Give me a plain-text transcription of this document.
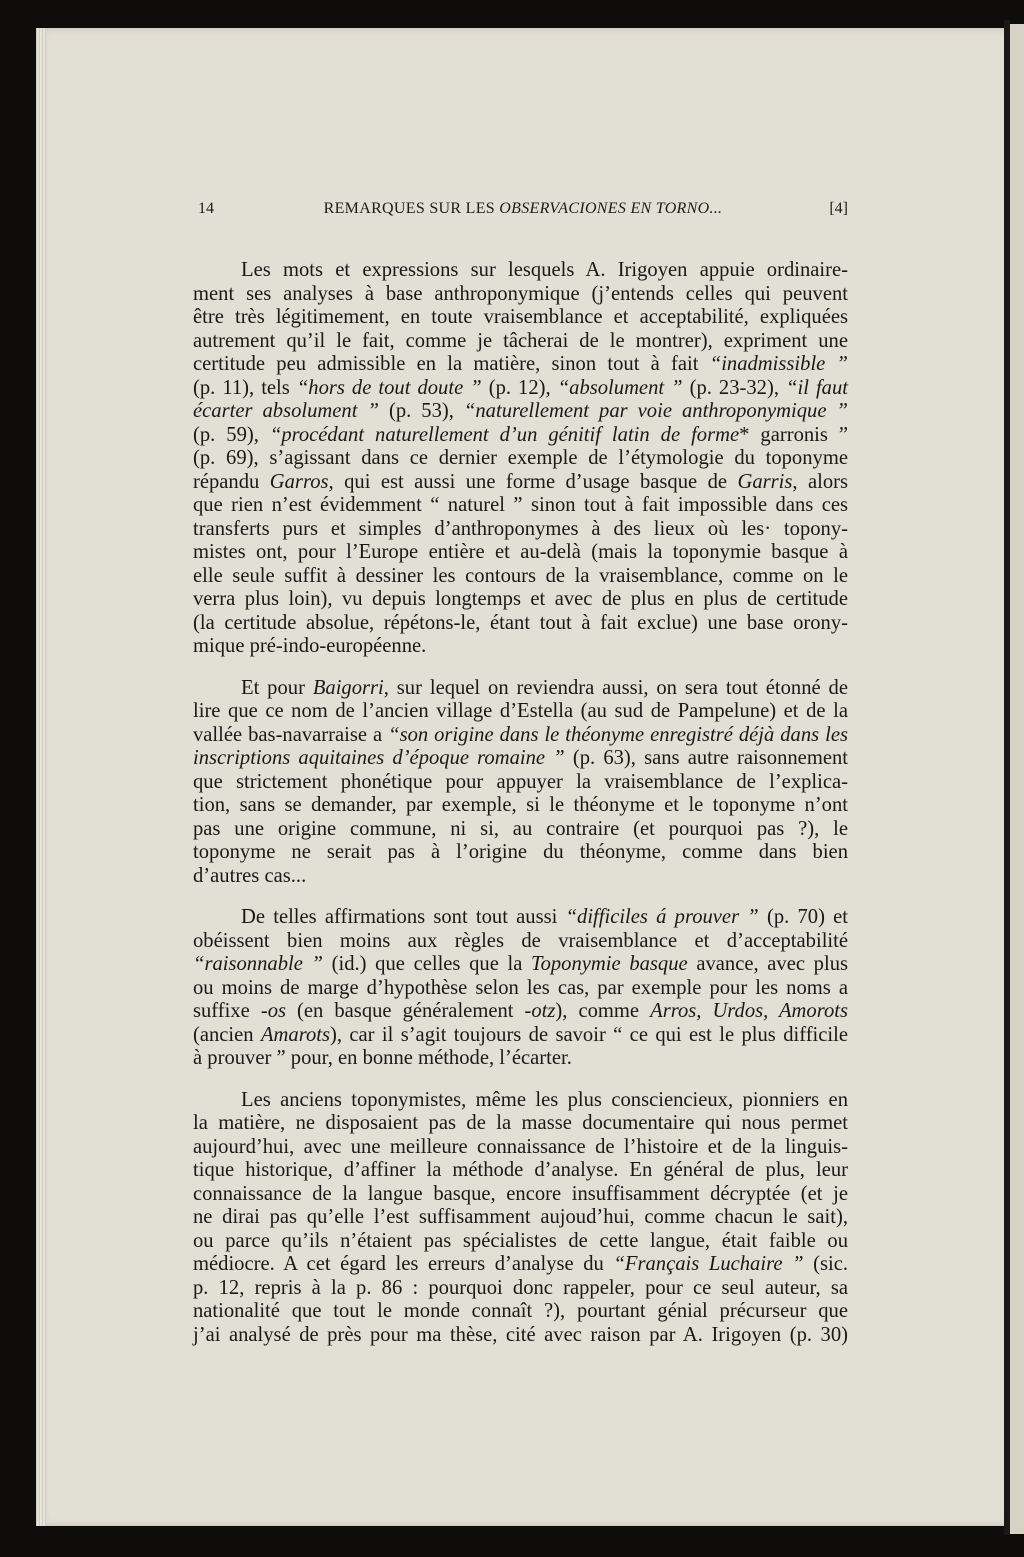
14	REMARQUES SUR LES OBSERVACIONES EN TORNO...	[4]
Les mots et expressions sur lesquels A. Irigoyen appuie ordinaire-
ment ses analyses à base anthroponymique (j’entends celles qui peuvent
être très légitimement, en toute vraisemblance et acceptabilité, expliquées
autrement qu’il le fait, comme je tâcherai de le montrer), expriment une
certitude peu admissible en la matière, sinon tout à fait “inadmissible ”
(p. 11), tels “hors de tout doute ” (p. 12), “absolument ” (p. 23-32), “il faut
écarter absolument ” (p. 53), “naturellement par voie anthroponymique ”
(p. 59), “procédant naturellement d’un génitif latin de forme* garronis ”
(p. 69), s’agissant dans ce dernier exemple de l’étymologie du toponyme
répandu Garros, qui est aussi une forme d’usage basque de Garris, alors
que rien n’est évidemment “ naturel ” sinon tout à fait impossible dans ces
transferts purs et simples d’anthroponymes à des lieux où les· topony-
mistes ont, pour l’Europe entière et au-delà (mais la toponymie basque à
elle seule suffit à dessiner les contours de la vraisemblance, comme on le
verra plus loin), vu depuis longtemps et avec de plus en plus de certitude
(la certitude absolue, répétons-le, étant tout à fait exclue) une base orony-
mique pré-indo-européenne.
Et pour Baigorri, sur lequel on reviendra aussi, on sera tout étonné de
lire que ce nom de l’ancien village d’Estella (au sud de Pampelune) et de la
vallée bas-navarraise a “son origine dans le théonyme enregistré déjà dans les
inscriptions aquitaines d’époque romaine ” (p. 63), sans autre raisonnement
que strictement phonétique pour appuyer la vraisemblance de l’explica-
tion, sans se demander, par exemple, si le théonyme et le toponyme n’ont
pas une origine commune, ni si, au contraire (et pourquoi pas ?), le
toponyme ne serait pas à l’origine du théonyme, comme dans bien
d’autres cas...
De telles affirmations sont tout aussi “difficiles á prouver ” (p. 70) et
obéissent bien moins aux règles de vraisemblance et d’acceptabilité
“raisonnable ” (id.) que celles que la Toponymie basque avance, avec plus
ou moins de marge d’hypothèse selon les cas, par exemple pour les noms a
suffixe -os (en basque généralement -otz), comme Arros, Urdos, Amorots
(ancien Amarots), car il s’agit toujours de savoir “ ce qui est le plus difficile
à prouver ” pour, en bonne méthode, l’écarter.
Les anciens toponymistes, même les plus consciencieux, pionniers en
la matière, ne disposaient pas de la masse documentaire qui nous permet
aujourd’hui, avec une meilleure connaissance de l’histoire et de la linguis-
tique historique, d’affiner la méthode d’analyse. En général de plus, leur
connaissance de la langue basque, encore insuffisamment décryptée (et je
ne dirai pas qu’elle l’est suffisamment aujoud’hui, comme chacun le sait),
ou parce qu’ils n’étaient pas spécialistes de cette langue, était faible ou
médiocre. A cet égard les erreurs d’analyse du “Français Luchaire ” (sic.
p. 12, repris à la p. 86 : pourquoi donc rappeler, pour ce seul auteur, sa
nationalité que tout le monde connaît ?), pourtant génial précurseur que
j’ai analysé de près pour ma thèse, cité avec raison par A. Irigoyen (p. 30)
